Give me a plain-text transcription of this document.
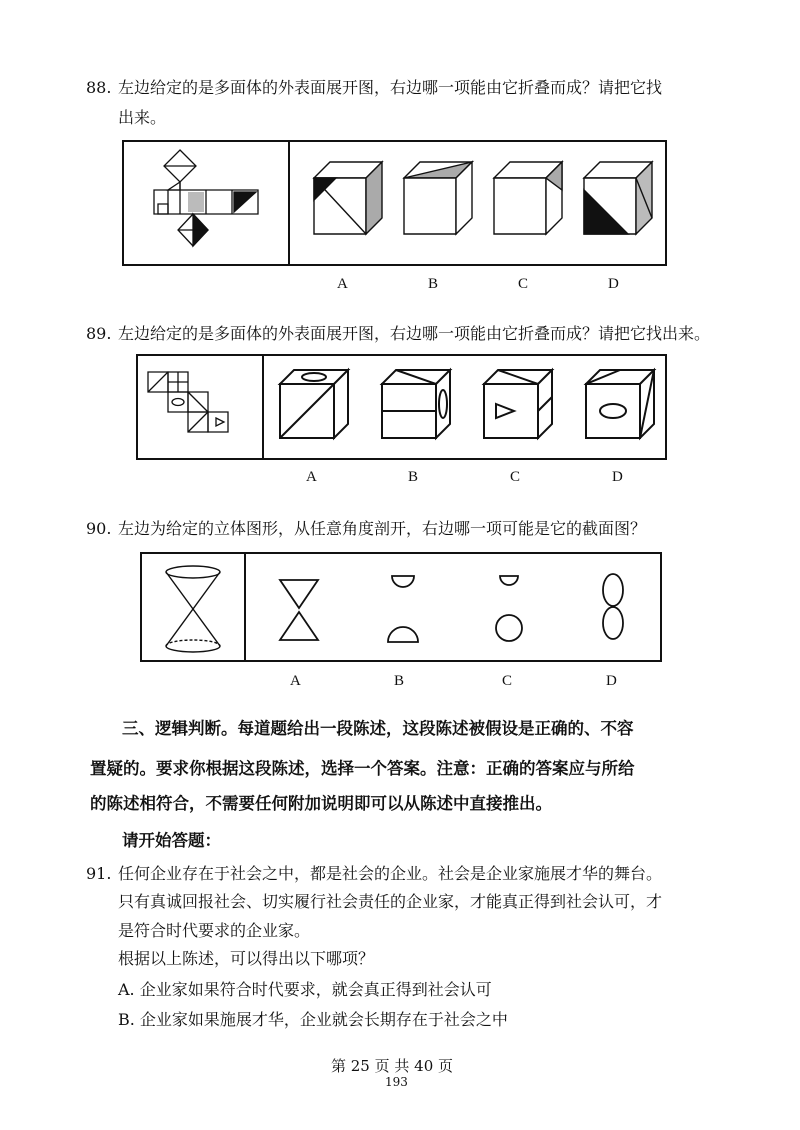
88. 左边给定的是多面体的外表面展开图，右边哪一项能由它折叠而成？请把它找
出来。
A	B	C	D
89. 左边给定的是多面体的外表面展开图，右边哪一项能由它折叠而成？请把它找出来。
A	B	C	D
90. 左边为给定的立体图形，从任意角度剖开，右边哪一项可能是它的截面图？
A	B	C	D
三、逻辑判断。每道题给出一段陈述，这段陈述被假设是正确的、不容
置疑的。要求你根据这段陈述，选择一个答案。注意：正确的答案应与所给
的陈述相符合，不需要任何附加说明即可以从陈述中直接推出。
请开始答题：
91. 任何企业存在于社会之中，都是社会的企业。社会是企业家施展才华的舞台。
只有真诚回报社会、切实履行社会责任的企业家，才能真正得到社会认可，才
是符合时代要求的企业家。
根据以上陈述，可以得出以下哪项？
A. 企业家如果符合时代要求，就会真正得到社会认可
B. 企业家如果施展才华，企业就会长期存在于社会之中
第 25 页 共 40 页
193
